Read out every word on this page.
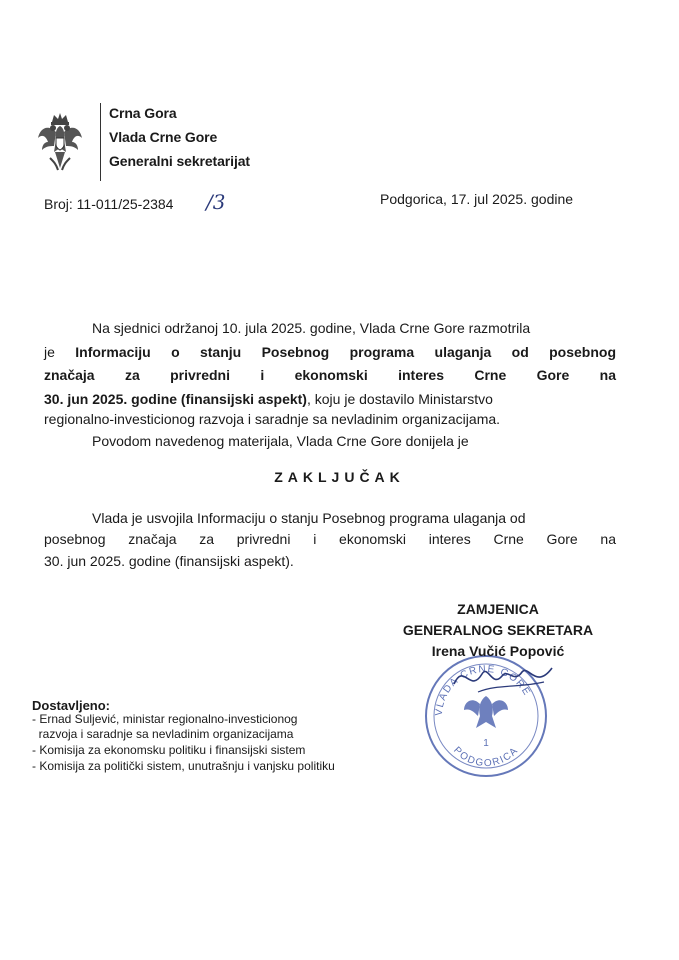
Crna Gora
Vlada Crne Gore
Generalni sekretarijat
Broj: 11-011/25-2384 /3	Podgorica, 17. jul 2025. godine
Na sjednici održanoj 10. jula 2025. godine, Vlada Crne Gore razmotrila
je Informaciju o stanju Posebnog programa ulaganja od posebnog
značaja za privredni i ekonomski interes Crne Gore na
30. jun 2025. godine (finansijski aspekt), koju je dostavilo Ministarstvo
regionalno-investicionog razvoja i saradnje sa nevladinim organizacijama.
Povodom navedenog materijala, Vlada Crne Gore donijela je
ZAKLJUČAK
Vlada je usvojila Informaciju o stanju Posebnog programa ulaganja od
posebnog značaja za privredni i ekonomski interes Crne Gore na
30. jun 2025. godine (finansijski aspekt).
VLADA CRNE GORE
PODGORICA
1
ZAMJENICA
GENERALNOG SEKRETARA
Irena Vučić Popović
Dostavljeno:
- Ernad Suljević, ministar regionalno-investicionog
razvoja i saradnje sa nevladinim organizacijama
- Komisija za ekonomsku politiku i finansijski sistem
- Komisija za politički sistem, unutrašnju i vanjsku politiku
